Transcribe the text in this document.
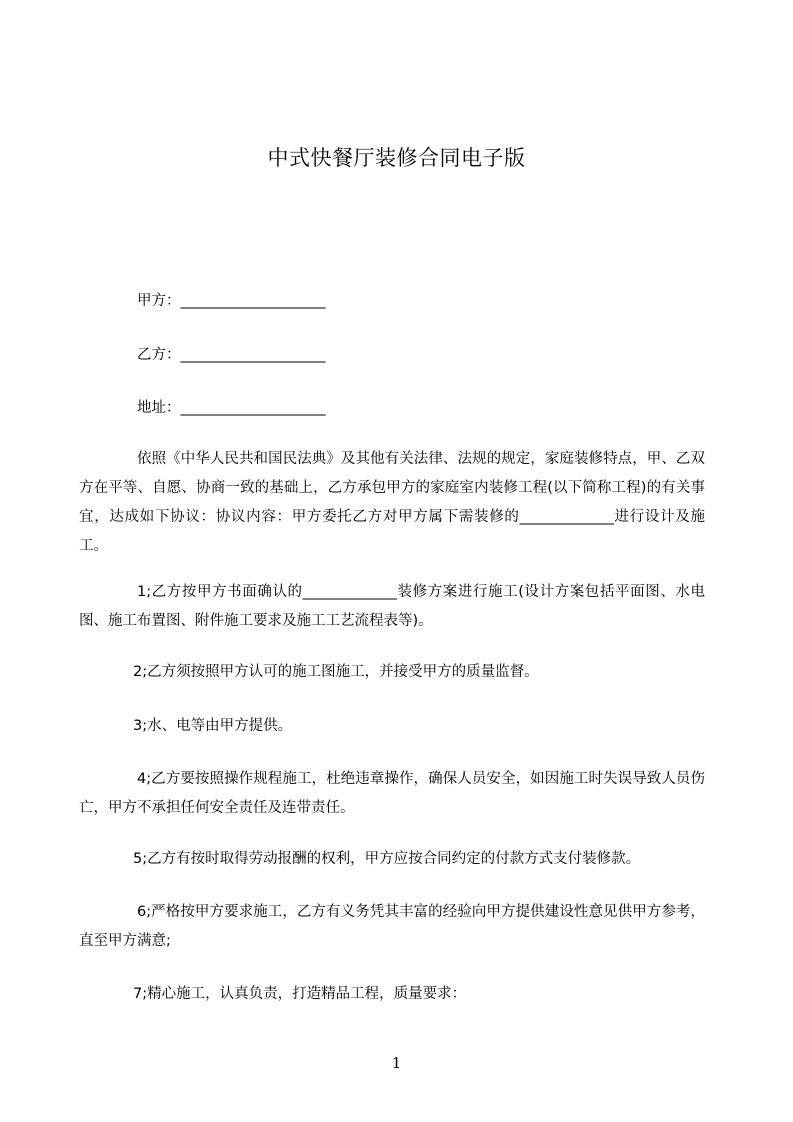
中式快餐厅装修合同电子版
甲方：____________________
乙方：____________________
地址：____________________
依照《中华人民共和国民法典》及其他有关法律、法规的规定，家庭装修特点，甲、乙双方在平等、自愿、协商一致的基础上，乙方承包甲方的家庭室内装修工程(以下简称工程)的有关事宜，达成如下协议：协议内容：甲方委托乙方对甲方属下需装修的_____________进行设计及施工。
1;乙方按甲方书面确认的_____________装修方案进行施工(设计方案包括平面图、水电图、施工布置图、附件施工要求及施工工艺流程表等)。
2;乙方须按照甲方认可的施工图施工，并接受甲方的质量监督。
3;水、电等由甲方提供。
4;乙方要按照操作规程施工，杜绝违章操作，确保人员安全，如因施工时失误导致人员伤亡，甲方不承担任何安全责任及连带责任。
5;乙方有按时取得劳动报酬的权利，甲方应按合同约定的付款方式支付装修款。
6;严格按甲方要求施工，乙方有义务凭其丰富的经验向甲方提供建设性意见供甲方参考，直至甲方满意;
7;精心施工，认真负责，打造精品工程，质量要求：
1
